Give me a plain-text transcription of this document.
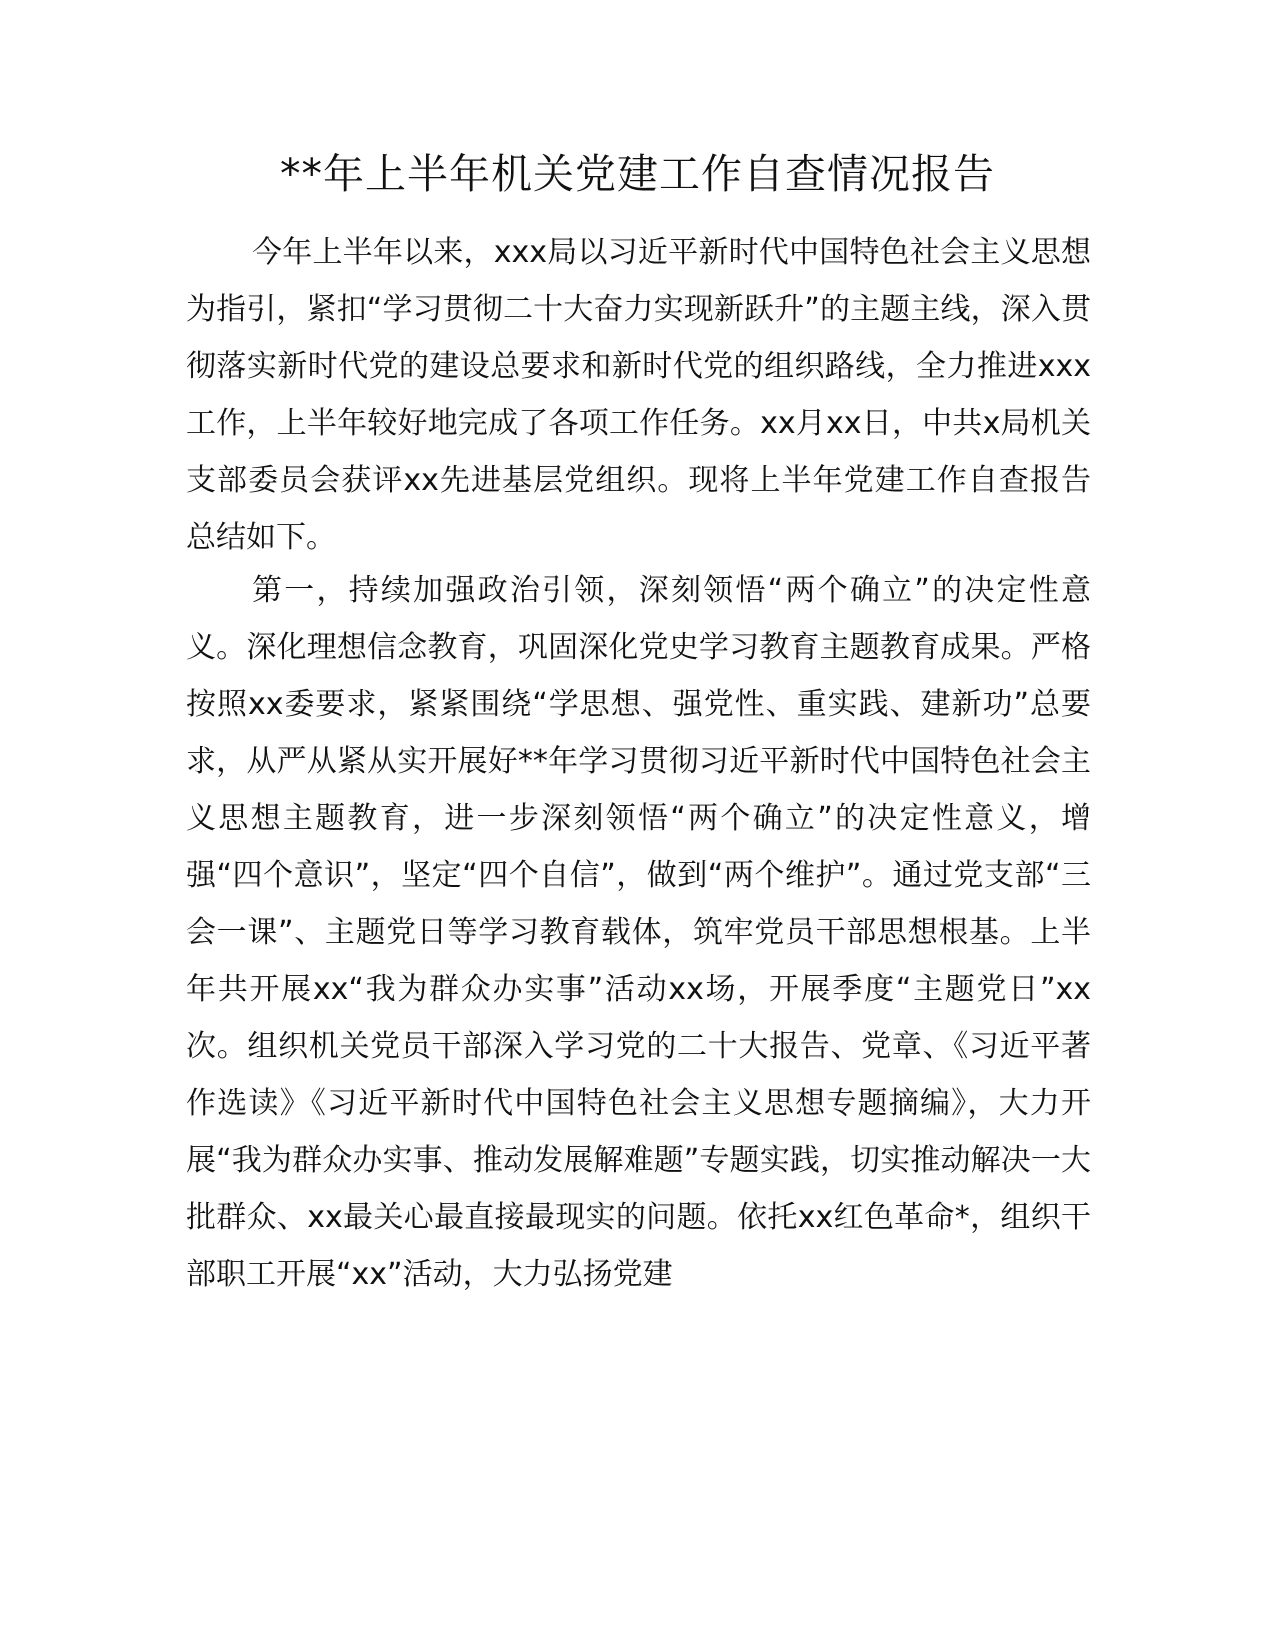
**年上半年机关党建工作自查情况报告

今年上半年以来，xxx局以习近平新时代中国特色社会主义思想为指引，紧扣“学习贯彻二十大奋力实现新跃升”的主题主线，深入贯彻落实新时代党的建设总要求和新时代党的组织路线，全力推进xxx工作，上半年较好地完成了各项工作任务。xx月xx日，中共x局机关支部委员会获评xx先进基层党组织。现将上半年党建工作自查报告总结如下。

第一，持续加强政治引领，深刻领悟“两个确立”的决定性意义。深化理想信念教育，巩固深化党史学习教育主题教育成果。严格按照xx委要求，紧紧围绕“学思想、强党性、重实践、建新功”总要求，从严从紧从实开展好**年学习贯彻习近平新时代中国特色社会主义思想主题教育，进一步深刻领悟“两个确立”的决定性意义，增强“四个意识”，坚定“四个自信”，做到“两个维护”。通过党支部“三会一课”、主题党日等学习教育载体，筑牢党员干部思想根基。上半年共开展xx“我为群众办实事”活动xx场，开展季度“主题党日”xx次。组织机关党员干部深入学习党的二十大报告、党章、《习近平著作选读》《习近平新时代中国特色社会主义思想专题摘编》，大力开展“我为群众办实事、推动发展解难题”专题实践，切实推动解决一大批群众、xx最关心最直接最现实的问题。依托xx红色革命*，组织干部职工开展“xx”活动，大力弘扬党建
